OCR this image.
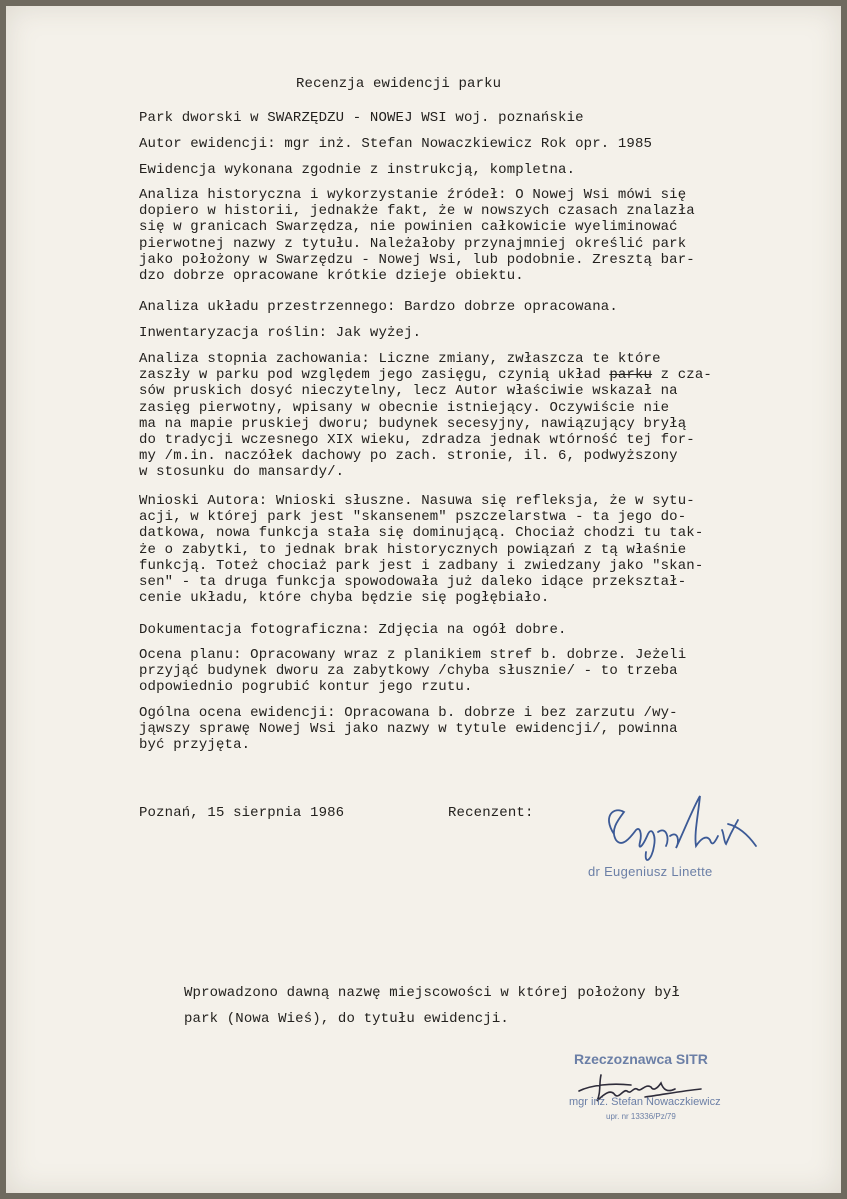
Recenzja ewidencji parku
Park dworski w SWARZĘDZU - NOWEJ WSI woj. poznańskie
Autor ewidencji: mgr inż. Stefan Nowaczkiewicz Rok opr. 1985
Ewidencja wykonana zgodnie z instrukcją, kompletna.
Analiza historyczna i wykorzystanie źródeł: O Nowej Wsi mówi się
dopiero w historii, jednakże fakt, że w nowszych czasach znalazła
się w granicach Swarzędza, nie powinien całkowicie wyeliminować
pierwotnej nazwy z tytułu. Należałoby przynajmniej określić park
jako położony w Swarzędzu - Nowej Wsi, lub podobnie. Zresztą bar-
dzo dobrze opracowane krótkie dzieje obiektu.
Analiza układu przestrzennego: Bardzo dobrze opracowana.
Inwentaryzacja roślin: Jak wyżej.
Analiza stopnia zachowania: Liczne zmiany, zwłaszcza te które
zaszły w parku pod względem jego zasięgu, czynią układ parku z cza-
sów pruskich dosyć nieczytelny, lecz Autor właściwie wskazał na
zasięg pierwotny, wpisany w obecnie istniejący. Oczywiście nie
ma na mapie pruskiej dworu; budynek secesyjny, nawiązujący bryłą
do tradycji wczesnego XIX wieku, zdradza jednak wtórność tej for-
my /m.in. naczółek dachowy po zach. stronie, il. 6, podwyższony
w stosunku do mansardy/.
Wnioski Autora: Wnioski słuszne. Nasuwa się refleksja, że w sytu-
acji, w której park jest "skansenem" pszczelarstwa - ta jego do-
datkowa, nowa funkcja stała się dominującą. Chociaż chodzi tu tak-
że o zabytki, to jednak brak historycznych powiązań z tą właśnie
funkcją. Toteż chociaż park jest i zadbany i zwiedzany jako "skan-
sen" - ta druga funkcja spowodowała już daleko idące przekształ-
cenie układu, które chyba będzie się pogłębiało.
Dokumentacja fotograficzna: Zdjęcia na ogół dobre.
Ocena planu: Opracowany wraz z planikiem stref b. dobrze. Jeżeli
przyjąć budynek dworu za zabytkowy /chyba słusznie/ - to trzeba
odpowiednio pogrubić kontur jego rzutu.
Ogólna ocena ewidencji: Opracowana b. dobrze i bez zarzutu /wy-
jąwszy sprawę Nowej Wsi jako nazwy w tytule ewidencji/, powinna
być przyjęta.
Poznań, 15 sierpnia 1986	Recenzent:
dr Eugeniusz Linette
Wprowadzono dawną nazwę miejscowości w której położony był
park (Nowa Wieś), do tytułu ewidencji.
Rzeczoznawca SITR
mgr inż. Stefan Nowaczkiewicz
upr. nr 13336/Pz/79
